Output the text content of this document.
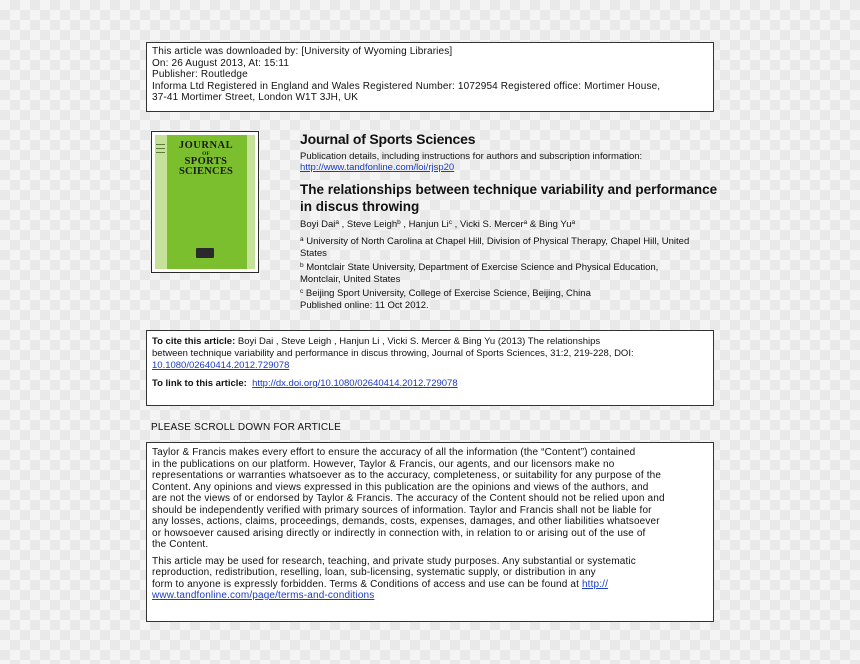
This article was downloaded by: [University of Wyoming Libraries]
On: 26 August 2013, At: 15:11
Publisher: Routledge
Informa Ltd Registered in England and Wales Registered Number: 1072954 Registered office: Mortimer House,
37-41 Mortimer Street, London W1T 3JH, UK
JOURNAL
OF
SPORTS
SCIENCES
Journal of Sports Sciences
Publication details, including instructions for authors and subscription information:
http://www.tandfonline.com/loi/rjsp20
The relationships between technique variability and performance in discus throwing
Boyi Dai$^a$ , Steve Leigh$^b$ , Hanjun Li$^c$ , Vicki S. Mercer$^a$ & Bing Yu$^a$
$^a$ University of North Carolina at Chapel Hill, Division of Physical Therapy, Chapel Hill, United States
$^b$ Montclair State University, Department of Exercise Science and Physical Education, Montclair, United States
$^c$ Beijing Sport University, College of Exercise Science, Beijing, China
Published online: 11 Oct 2012.
To cite this article: Boyi Dai , Steve Leigh , Hanjun Li , Vicki S. Mercer & Bing Yu (2013) The relationships
between technique variability and performance in discus throwing, Journal of Sports Sciences, 31:2, 219-228, DOI:
10.1080/02640414.2012.729078
To link to this article: http://dx.doi.org/10.1080/02640414.2012.729078
PLEASE SCROLL DOWN FOR ARTICLE
Taylor & Francis makes every effort to ensure the accuracy of all the information (the “Content”) contained
in the publications on our platform. However, Taylor & Francis, our agents, and our licensors make no
representations or warranties whatsoever as to the accuracy, completeness, or suitability for any purpose of the
Content. Any opinions and views expressed in this publication are the opinions and views of the authors, and
are not the views of or endorsed by Taylor & Francis. The accuracy of the Content should not be relied upon and
should be independently verified with primary sources of information. Taylor and Francis shall not be liable for
any losses, actions, claims, proceedings, demands, costs, expenses, damages, and other liabilities whatsoever
or howsoever caused arising directly or indirectly in connection with, in relation to or arising out of the use of
the Content.
This article may be used for research, teaching, and private study purposes. Any substantial or systematic
reproduction, redistribution, reselling, loan, sub-licensing, systematic supply, or distribution in any
form to anyone is expressly forbidden. Terms & Conditions of access and use can be found at http://
www.tandfonline.com/page/terms-and-conditions
